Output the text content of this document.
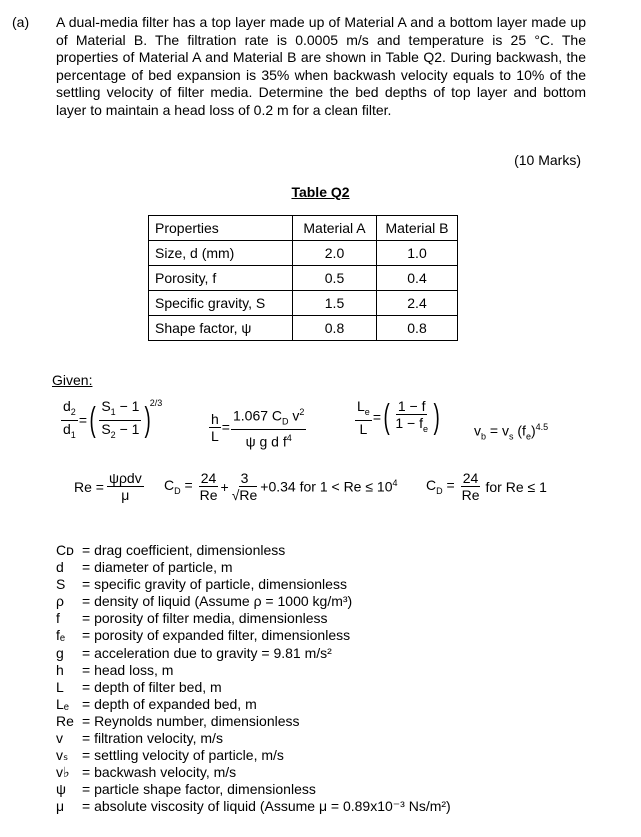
(a) A dual-media filter has a top layer made up of Material A and a bottom layer made up of Material B. The filtration rate is 0.0005 m/s and temperature is 25 °C. The properties of Material A and Material B are shown in Table Q2. During backwash, the percentage of bed expansion is 35% when backwash velocity equals to 10% of the settling velocity of filter media. Determine the bed depths of top layer and bottom layer to maintain a head loss of 0.2 m for a clean filter.
(10 Marks)
Table Q2
Properties	Material A	Material B
Size, d (mm)	2.0	1.0
Porosity, f	0.5	0.4
Specific gravity, S	1.5	2.4
Shape factor, ψ	0.8	0.8
Given:
$\frac{d_2}{d_1}$ = ( $\frac{S_1 - 1}{S_2 - 1}$ )
2/3
$\frac{h}{L} = \frac{1.067 C_D v^2}{\psi g d f^4}$	$\frac{L_e}{L}$ = ( $\frac{1 - f}{1 - f_e}$ ) $v_b = v_s$ $(f_e)^{4.5}$
$Re = \frac{\text{ψρdv}}{\mu} C_D = \frac{24}{Re} + \frac{3}{√Re} +0.34$ for $1 < Re \le 10^4$ $C_D = \frac{24}{Re}$ for Re ≤ 1
Cᴅ = drag coefficient, dimensionless
d	= diameter of particle, m
S	= specific gravity of particle, dimensionless
ρ	= density of liquid (Assume ρ = 1000 kg/m³)
f	= porosity of filter media, dimensionless
fₑ	= porosity of expanded filter, dimensionless
g	= acceleration due to gravity = 9.81 m/s²
h	= head loss, m
L	= depth of filter bed, m
Lₑ = depth of expanded bed, m
Re = Reynolds number, dimensionless
v	= filtration velocity, m/s
vₛ = settling velocity of particle, m/s
v♭ = backwash velocity, m/s
ψ	= particle shape factor, dimensionless
μ	= absolute viscosity of liquid (Assume μ = 0.89x10⁻³ Ns/m²)
